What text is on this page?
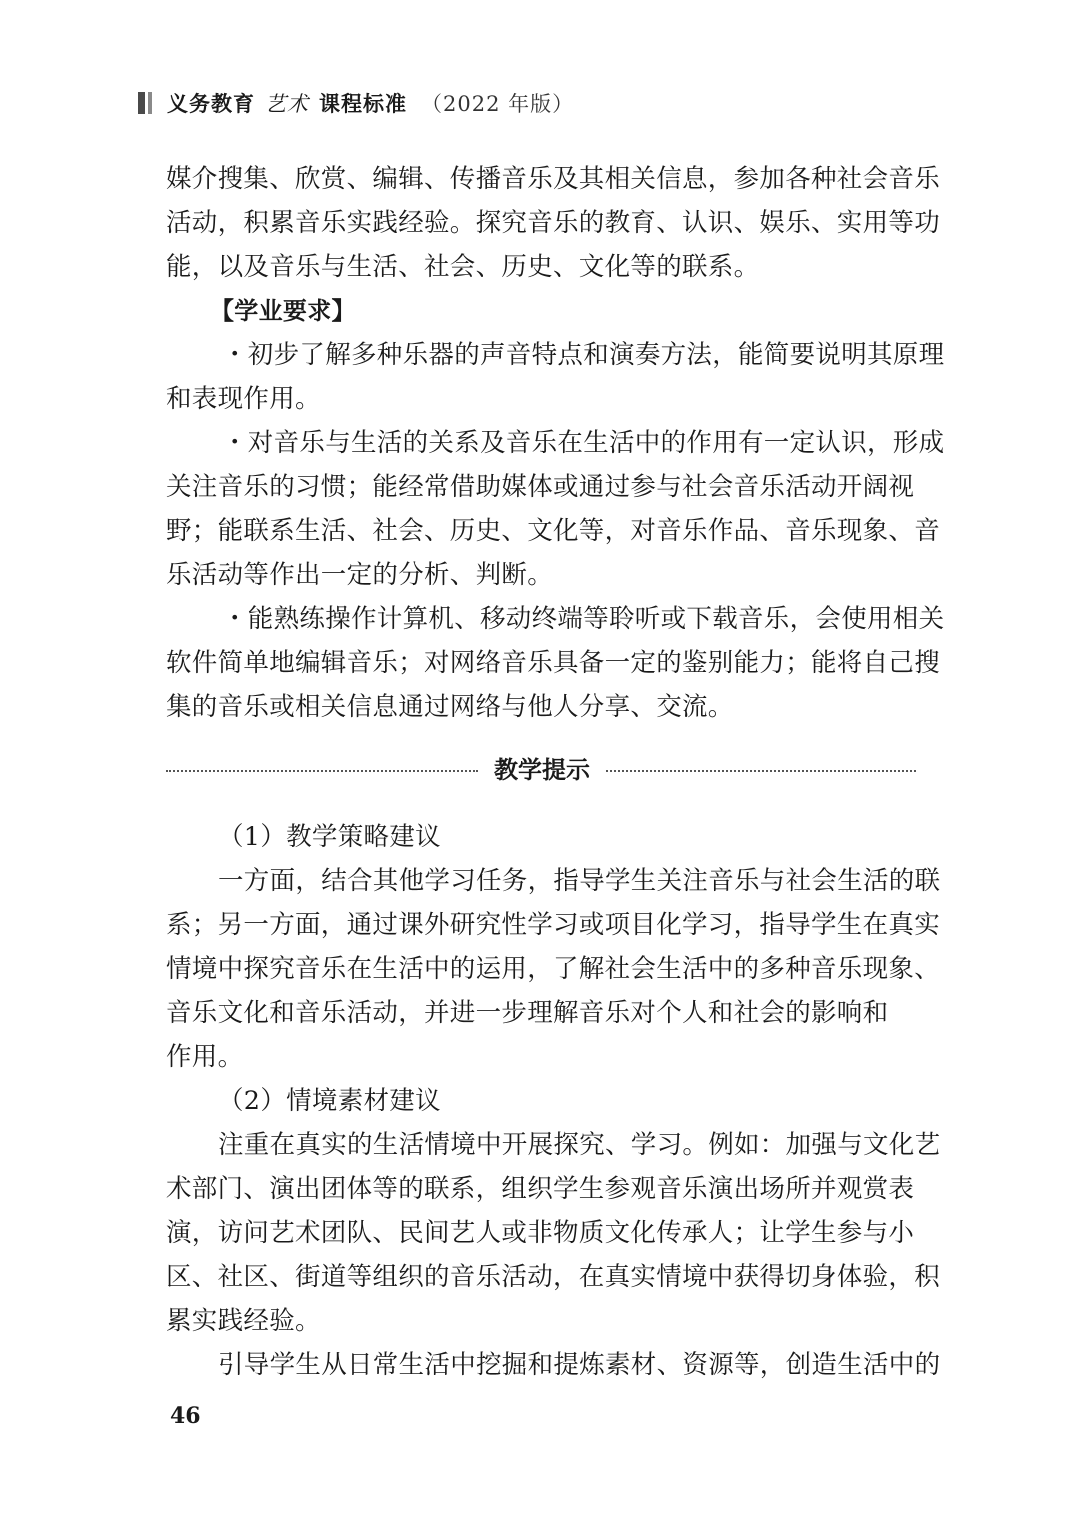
义务教育 艺术 课程标准 （2022 年版）
媒介搜集、欣赏、编辑、传播音乐及其相关信息，参加各种社会音乐
活动，积累音乐实践经验。探究音乐的教育、认识、娱乐、实用等功
能，以及音乐与生活、社会、历史、文化等的联系。
【学业要求】
・初步了解多种乐器的声音特点和演奏方法，能简要说明其原理
和表现作用。
・对音乐与生活的关系及音乐在生活中的作用有一定认识，形成
关注音乐的习惯；能经常借助媒体或通过参与社会音乐活动开阔视
野；能联系生活、社会、历史、文化等，对音乐作品、音乐现象、音
乐活动等作出一定的分析、判断。
・能熟练操作计算机、移动终端等聆听或下载音乐，会使用相关
软件简单地编辑音乐；对网络音乐具备一定的鉴别能力；能将自己搜
集的音乐或相关信息通过网络与他人分享、交流。
（1）教学策略建议
一方面，结合其他学习任务，指导学生关注音乐与社会生活的联
系；另一方面，通过课外研究性学习或项目化学习，指导学生在真实
情境中探究音乐在生活中的运用，了解社会生活中的多种音乐现象、
音乐文化和音乐活动，并进一步理解音乐对个人和社会的影响和
作用。
（2）情境素材建议
注重在真实的生活情境中开展探究、学习。例如：加强与文化艺
术部门、演出团体等的联系，组织学生参观音乐演出场所并观赏表
演，访问艺术团队、民间艺人或非物质文化传承人；让学生参与小
区、社区、街道等组织的音乐活动，在真实情境中获得切身体验，积
累实践经验。
引导学生从日常生活中挖掘和提炼素材、资源等，创造生活中的
教学提示
46
